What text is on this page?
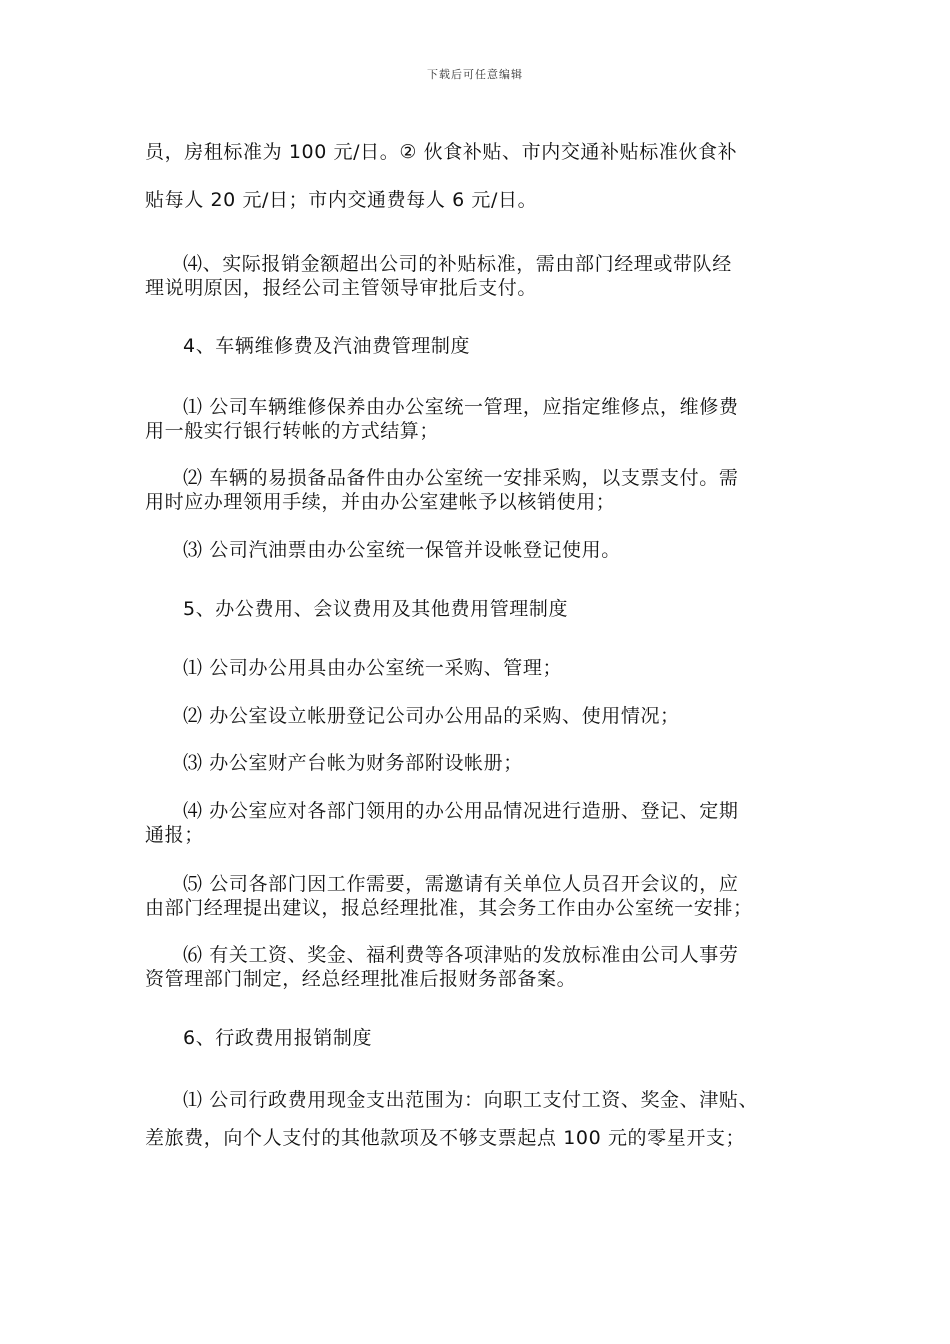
下载后可任意编辑
员，房租标准为 100 元/日。② 伙食补贴、市内交通补贴标准伙食补
贴每人 20 元/日；市内交通费每人 6 元/日。
⑷、实际报销金额超出公司的补贴标准，需由部门经理或带队经
理说明原因，报经公司主管领导审批后支付。
4、车辆维修费及汽油费管理制度
⑴ 公司车辆维修保养由办公室统一管理，应指定维修点，维修费
用一般实行银行转帐的方式结算；
⑵ 车辆的易损备品备件由办公室统一安排采购，以支票支付。需
用时应办理领用手续，并由办公室建帐予以核销使用；
⑶ 公司汽油票由办公室统一保管并设帐登记使用。
5、办公费用、会议费用及其他费用管理制度
⑴ 公司办公用具由办公室统一采购、管理；
⑵ 办公室设立帐册登记公司办公用品的采购、使用情况；
⑶ 办公室财产台帐为财务部附设帐册；
⑷ 办公室应对各部门领用的办公用品情况进行造册、登记、定期
通报；
⑸ 公司各部门因工作需要，需邀请有关单位人员召开会议的，应
由部门经理提出建议，报总经理批准，其会务工作由办公室统一安排；
⑹ 有关工资、奖金、福利费等各项津贴的发放标准由公司人事劳
资管理部门制定，经总经理批准后报财务部备案。
6、行政费用报销制度
⑴ 公司行政费用现金支出范围为：向职工支付工资、奖金、津贴、
差旅费，向个人支付的其他款项及不够支票起点 100 元的零星开支；
